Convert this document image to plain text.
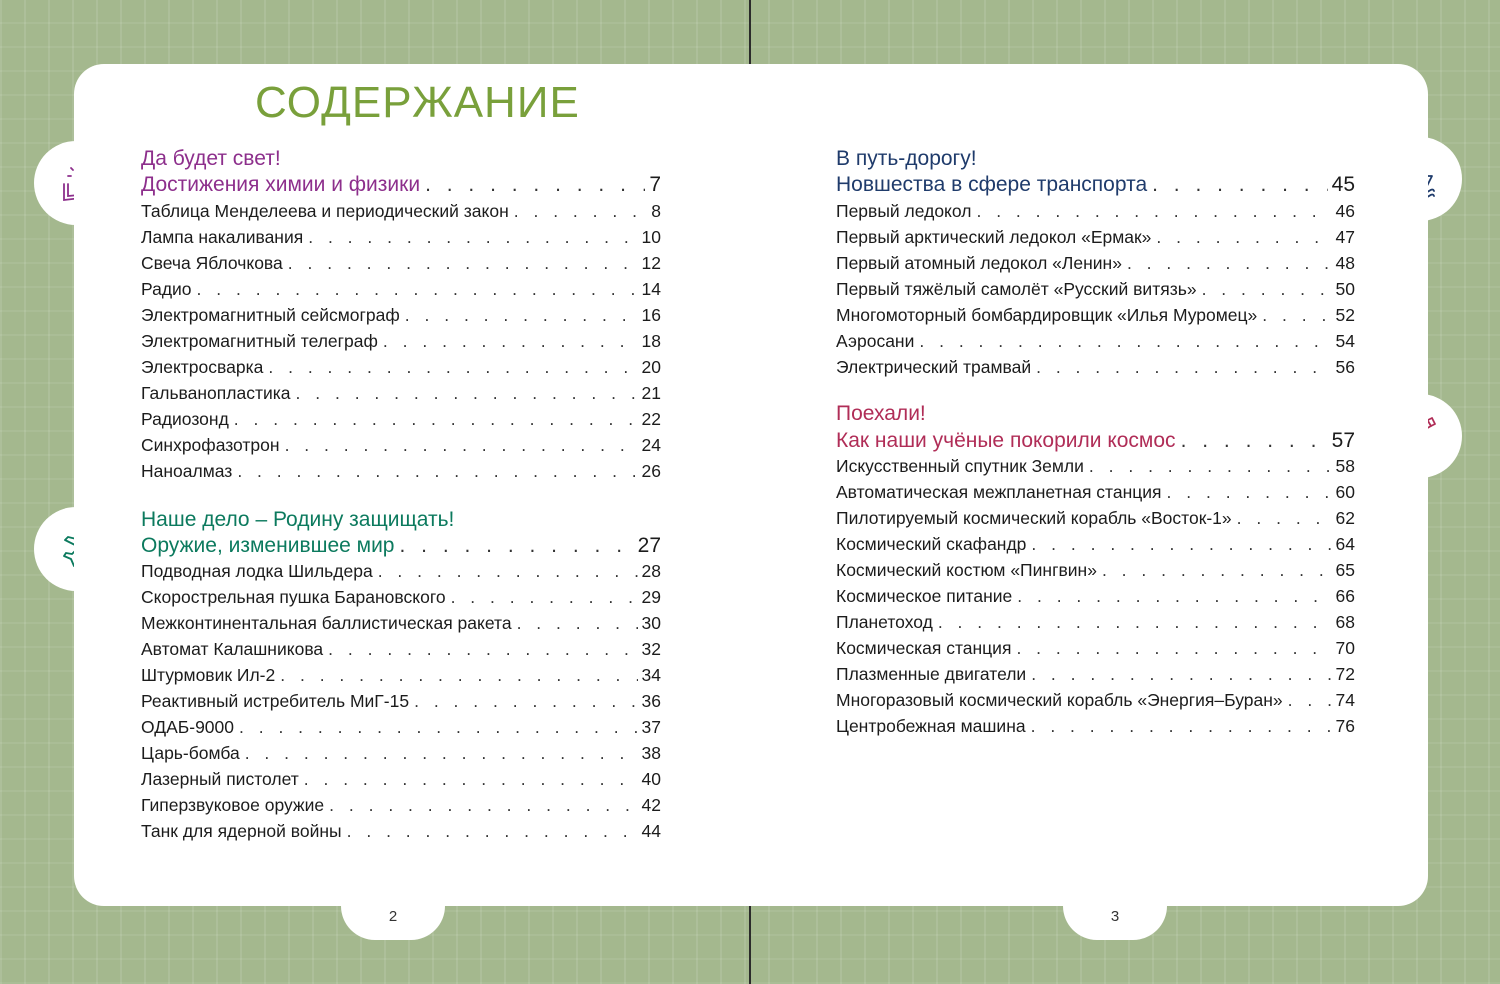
2	3
СОДЕРЖАНИЕ
Да будет свет!
Достижения химии и физики . . .	7
Таблица Менделеева и периодический закон . . .	8
Лампа накаливания . . .	10
Свеча Яблочкова . . .	12
Радио . . .	14
Электромагнитный сейсмограф . . .	16
Электромагнитный телеграф . . .	18
Электросварка . . .	20
Гальванопластика . . .	21
Радиозонд . . .	22
Синхрофазотрон . . .	24
Наноалмаз . . .	26
Наше дело – Родину защищать!
Оружие, изменившее мир . . .	27
Подводная лодка Шильдера . . .	28
Скорострельная пушка Барановского . . .	29
Межконтинентальная баллистическая ракета . . .	30
Автомат Калашникова . . .	32
Штурмовик Ил-2 . . .	34
Реактивный истребитель МиГ-15 . . .	36
ОДАБ-9000 . . .	37
Царь-бомба . . .	38
Лазерный пистолет . . .	40
Гиперзвуковое оружие . . .	42
Танк для ядерной войны . . .	44
В путь-дорогу!
Новшества в сфере транспорта . . .	45
Первый ледокол . . .	46
Первый арктический ледокол «Ермак» . . .	47
Первый атомный ледокол «Ленин» . . .	48
Первый тяжёлый самолёт «Русский витязь» . . .	50
Многомоторный бомбардировщик «Илья Муромец» . . .	52
Аэросани . . .	54
Электрический трамвай . . .	56
Поехали!
Как наши учёные покорили космос . . .	57
Искусственный спутник Земли . . .	58
Автоматическая межпланетная станция . . .	60
Пилотируемый космический корабль «Восток-1» . . .	62
Космический скафандр . . .	64
Космический костюм «Пингвин» . . .	65
Космическое питание . . .	66
Планетоход . . .	68
Космическая станция . . .	70
Плазменные двигатели . . .	72
Многоразовый космический корабль «Энергия–Буран» . . .	74
Центробежная машина . . .	76
